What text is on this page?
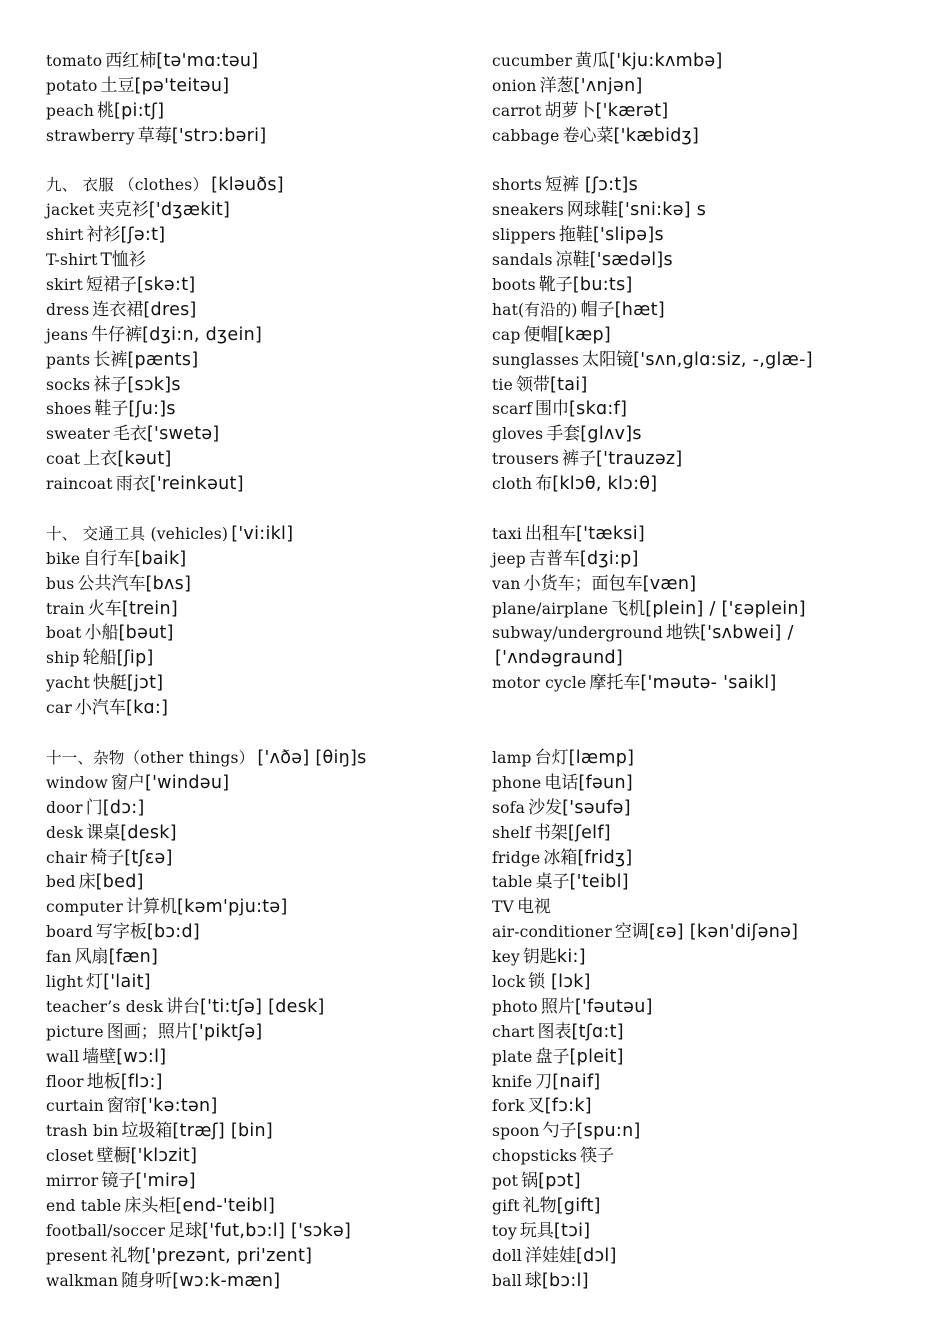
tomato 西红柿[tə'mɑ:təu]
potato 土豆[pə'teitəu]
peach 桃[pi:tʃ]
strawberry 草莓['strɔ:bəri]
九、 衣服 （clothes） [kləuðs]
jacket 夹克衫['dʒækit]
shirt 衬衫[ʃə:t]
T-shirt T恤衫
skirt 短裙子[skə:t]
dress 连衣裙[dres]
jeans 牛仔裤[dʒi:n, dʒein]
pants 长裤[pænts]
socks 袜子[sɔk]s
shoes 鞋子[ʃu:]s
sweater 毛衣['swetə]
coat 上衣[kəut]
raincoat 雨衣['reinkəut]
十、 交通工具 (vehicles) ['vi:ikl]
bike 自行车[baik]
bus 公共汽车[bʌs]
train 火车[trein]
boat 小船[bəut]
ship 轮船[ʃip]
yacht 快艇[jɔt]
car 小汽车[kɑ:]
十一、杂物（other things） ['ʌðə] [θiŋ]s
window 窗户['windəu]
door 门[dɔ:]
desk 课桌[desk]
chair 椅子[tʃɛə]
bed 床[bed]
computer 计算机[kəm'pju:tə]
board 写字板[bɔ:d]
fan 风扇[fæn]
light 灯['lait]
teacher’s desk 讲台['ti:tʃə] [desk]
picture 图画；照片['piktʃə]
wall 墙壁[wɔ:l]
floor 地板[flɔ:]
curtain 窗帘['kə:tən]
trash bin 垃圾箱[træʃ] [bin]
closet 壁橱['klɔzit]
mirror 镜子['mirə]
end table 床头柜[end-'teibl]
football/soccer 足球['fut,bɔ:l] ['sɔkə]
present 礼物['prezənt, pri'zent]
walkman 随身听[wɔ:k-mæn]
cucumber 黄瓜['kju:kʌmbə]
onion 洋葱['ʌnjən]
carrot 胡萝卜['kærət]
cabbage 卷心菜['kæbidʒ]
shorts 短裤 [ʃɔ:t]s
sneakers 网球鞋['sni:kə] s
slippers 拖鞋['slipə]s
sandals 凉鞋['sædəl]s
boots 靴子[bu:ts]
hat(有沿的) 帽子[hæt]
cap 便帽[kæp]
sunglasses 太阳镜['sʌn,glɑ:siz, -,glæ-]
tie 领带[tai]
scarf 围巾[skɑ:f]
gloves 手套[glʌv]s
trousers 裤子['trauzəz]
cloth 布[klɔθ, klɔ:θ]
taxi 出租车['tæksi]
jeep 吉普车[dʒi:p]
van 小货车；面包车[væn]
plane/airplane 飞机[plein] / ['ɛəplein]
subway/underground 地铁['sʌbwei] /
['ʌndəgraund]
motor cycle 摩托车['məutə- 'saikl]
lamp 台灯[læmp]
phone 电话[fəun]
sofa 沙发['səufə]
shelf 书架[ʃelf]
fridge 冰箱[fridʒ]
table 桌子['teibl]
TV 电视
air-conditioner 空调[ɛə] [kən'diʃənə]
key 钥匙ki:]
lock 锁 [lɔk]
photo 照片['fəutəu]
chart 图表[tʃɑ:t]
plate 盘子[pleit]
knife 刀[naif]
fork 叉[fɔ:k]
spoon 勺子[spu:n]
chopsticks 筷子
pot 锅[pɔt]
gift 礼物[gift]
toy 玩具[tɔi]
doll 洋娃娃[dɔl]
ball 球[bɔ:l]
